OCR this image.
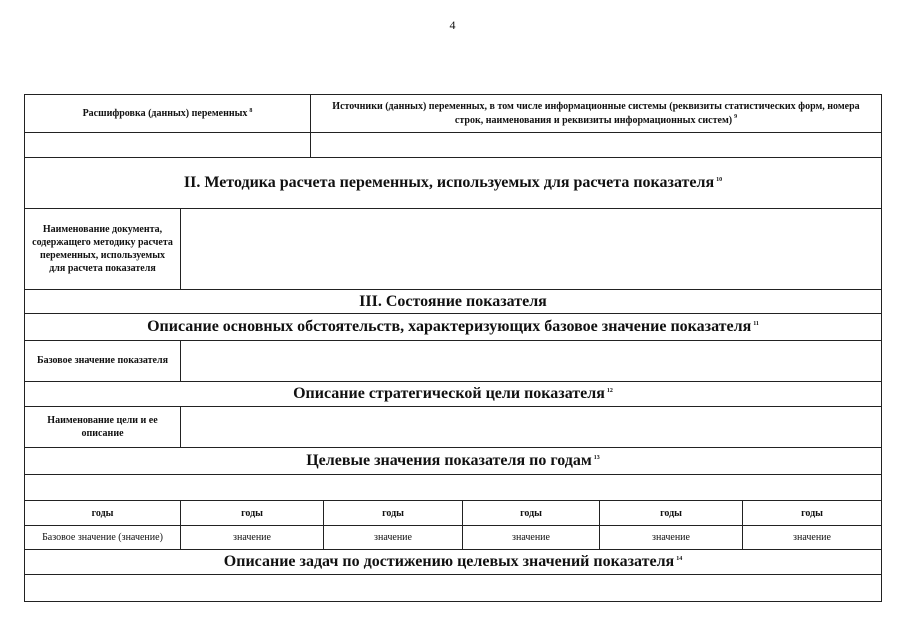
4
Расшифровка (данных) переменных $^8$	Источники (данных) переменных, в том числе информационные системы (реквизиты статистических форм, номера строк, наименования и реквизиты информационных систем) $^9$
II. Методика расчета переменных, используемых для расчета показателя $^{10}$
Наименование документа, содержащего методику расчета переменных, используемых для расчета показателя
III. Состояние показателя
Описание основных обстоятельств, характеризующих базовое значение показателя $^{11}$
Базовое значение показателя
Описание стратегической цели показателя $^{12}$
Наименование цели и ее описание
Целевые значения показателя по годам $^{13}$
годы	годы	годы	годы	годы	годы
Базовое значение (значение)	значение	значение	значение	значение	значение
Описание задач по достижению целевых значений показателя $^{14}$
